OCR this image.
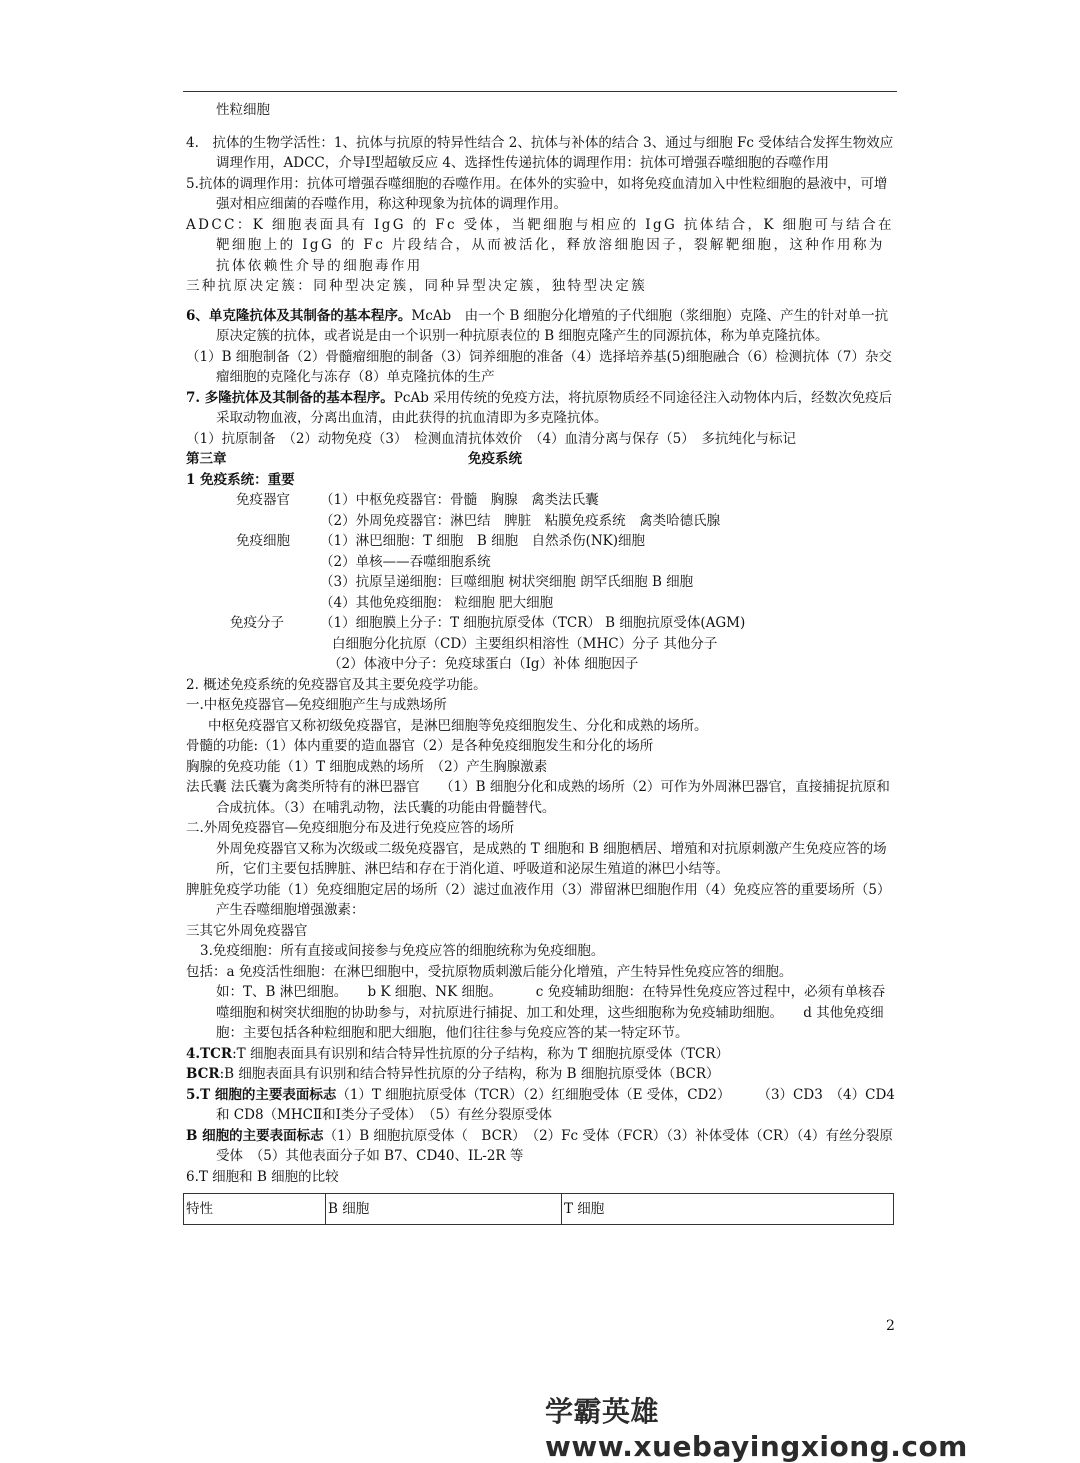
性粒细胞

4.　抗体的生物学活性：1、抗体与抗原的特异性结合 2、抗体与补体的结合 3、通过与细胞 Fc 受体结合发挥生物效应调理作用，ADCC，介导Ⅰ型超敏反应 4、选择性传递抗体的调理作用：抗体可增强吞噬细胞的吞噬作用

5.抗体的调理作用：抗体可增强吞噬细胞的吞噬作用。在体外的实验中，如将免疫血清加入中性粒细胞的悬液中，可增强对相应细菌的吞噬作用，称这种现象为抗体的调理作用。

ADCC：K 细胞表面具有 IgG 的 Fc 受体，当靶细胞与相应的 IgG 抗体结合，K 细胞可与结合在靶细胞上的 IgG 的 Fc 片段结合，从而被活化，释放溶细胞因子，裂解靶细胞，这种作用称为抗体依赖性介导的细胞毒作用

三种抗原决定簇：同种型决定簇，同种异型决定簇，独特型决定簇

6、单克隆抗体及其制备的基本程序。McAb　由一个 B 细胞分化增殖的子代细胞（浆细胞）克隆、产生的针对单一抗原决定簇的抗体，或者说是由一个识别一种抗原表位的 B 细胞克隆产生的同源抗体，称为单克隆抗体。

（1）B 细胞制备（2）骨髓瘤细胞的制备（3）饲养细胞的准备（4）选择培养基(5)细胞融合（6）检测抗体（7）杂交瘤细胞的克隆化与冻存（8）单克隆抗体的生产

7. 多隆抗体及其制备的基本程序。PcAb 采用传统的免疫方法，将抗原物质经不同途径注入动物体内后，经数次免疫后采取动物血液，分离出血清，由此获得的抗血清即为多克隆抗体。

（1）抗原制备　（2）动物免疫（3）　检测血清抗体效价　（4）血清分离与保存（5）　多抗纯化与标记

第三章	免疫系统

1 免疫系统：重要

免疫器官	（1）中枢免疫器官：骨髓　胸腺　禽类法氏囊
（2）外周免疫器官：淋巴结　脾脏　粘膜免疫系统　禽类哈德氏腺
免疫细胞	（1）淋巴细胞：T 细胞　B 细胞　自然杀伤(NK)细胞
（2）单核——吞噬细胞系统
（3）抗原呈递细胞：巨噬细胞 树状突细胞 朗罕氏细胞 B 细胞
（4）其他免疫细胞： 粒细胞 肥大细胞
免疫分子	（1）细胞膜上分子：T 细胞抗原受体（TCR） B 细胞抗原受体(AGM)
白细胞分化抗原（CD）主要组织相溶性（MHC）分子 其他分子
（2）体液中分子：免疫球蛋白（Ig）补体 细胞因子

2. 概述免疫系统的免疫器官及其主要免疫学功能。

一.中枢免疫器官—免疫细胞产生与成熟场所

中枢免疫器官又称初级免疫器官，是淋巴细胞等免疫细胞发生、分化和成熟的场所。

骨髓的功能:（1）体内重要的造血器官（2）是各种免疫细胞发生和分化的场所

胸腺的免疫功能（1）T 细胞成熟的场所　（2）产生胸腺激素

法氏囊 法氏囊为禽类所特有的淋巴器官　　（1）B 细胞分化和成熟的场所（2）可作为外周淋巴器官，直接捕捉抗原和合成抗体。（3）在哺乳动物，法氏囊的功能由骨髓替代。

二.外周免疫器官—免疫细胞分布及进行免疫应答的场所

外周免疫器官又称为次级或二级免疫器官，是成熟的 T 细胞和 B 细胞栖居、增殖和对抗原刺激产生免疫应答的场所，它们主要包括脾脏、淋巴结和存在于消化道、呼吸道和泌尿生殖道的淋巴小结等。

脾脏免疫学功能（1）免疫细胞定居的场所（2）滤过血液作用（3）滞留淋巴细胞作用（4）免疫应答的重要场所（5）产生吞噬细胞增强激素：

三其它外周免疫器官

3.免疫细胞：所有直接或间接参与免疫应答的细胞统称为免疫细胞。

包括：a 免疫活性细胞：在淋巴细胞中，受抗原物质刺激后能分化增殖，产生特异性免疫应答的细胞。

如：T、B 淋巴细胞。　　b K 细胞、NK 细胞。　　　c 免疫辅助细胞：在特异性免疫应答过程中，必须有单核吞噬细胞和树突状细胞的协助参与，对抗原进行捕捉、加工和处理，这些细胞称为免疫辅助细胞。　　d 其他免疫细胞：主要包括各种粒细胞和肥大细胞，他们往往参与免疫应答的某一特定环节。

4.TCR:T 细胞表面具有识别和结合特异性抗原的分子结构，称为 T 细胞抗原受体（TCR）

BCR:B 细胞表面具有识别和结合特异性抗原的分子结构，称为 B 细胞抗原受体（BCR）

5.T 细胞的主要表面标志（1）T 细胞抗原受体（TCR）（2）红细胞受体（E 受体，CD2）　　　（3）CD3　（4）CD4 和 CD8（MHCⅡ和Ⅰ类分子受体）　（5）有丝分裂原受体

B 细胞的主要表面标志（1）B 细胞抗原受体（　BCR）　（2）Fc 受体（FCR）（3）补体受体（CR）（4）有丝分裂原受体　（5）其他表面分子如 B7、CD40、IL-2R 等

6.T 细胞和 B 细胞的比较

特性	B 细胞	T 细胞
2
学霸英雄 www.xuebayingxiong.com
